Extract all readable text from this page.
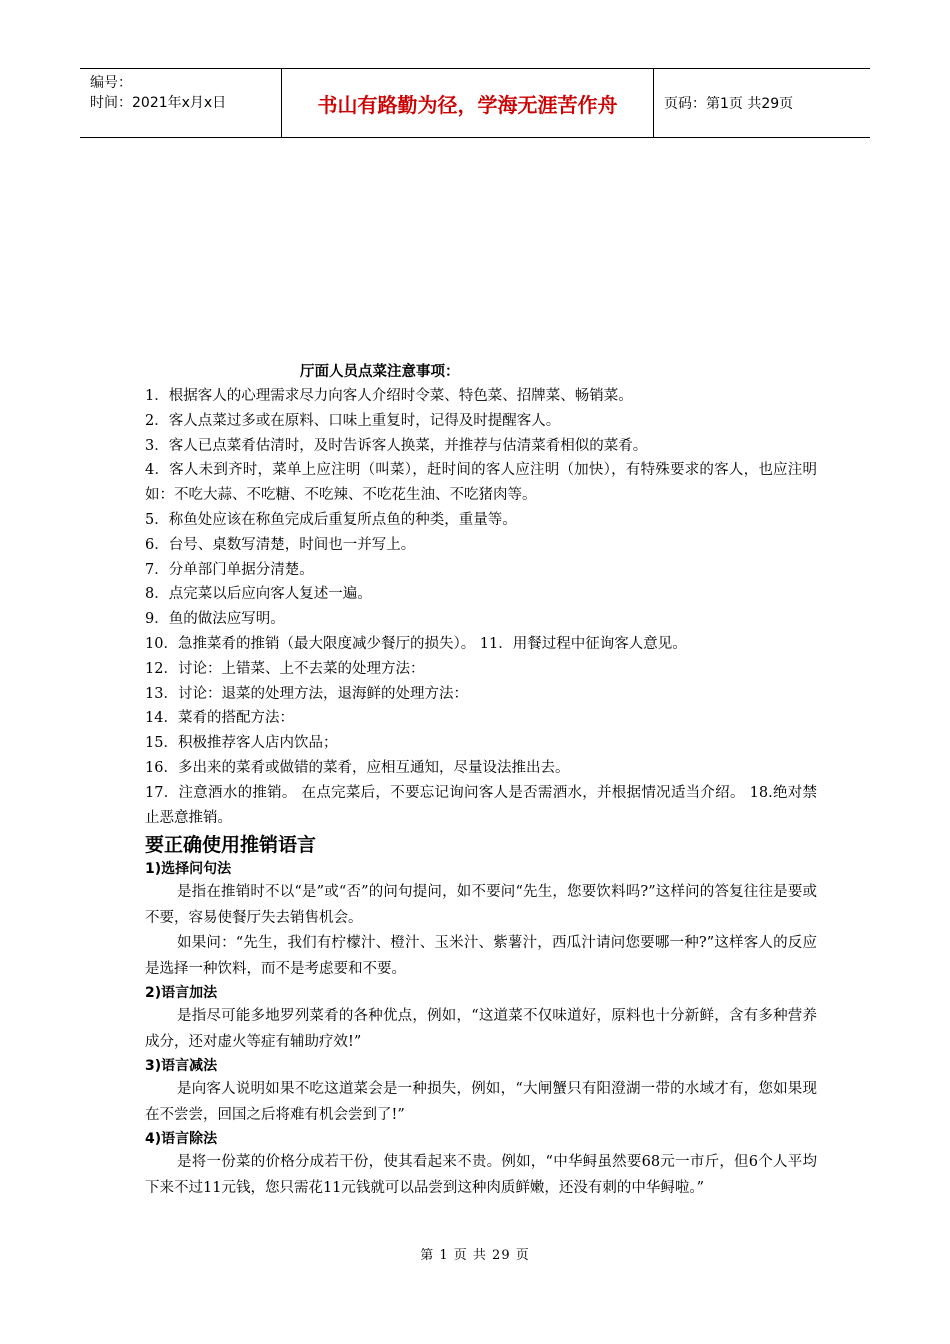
编号：
时间：2021年x月x日	书山有路勤为径，学海无涯苦作舟	页码：第1页 共29页
厅面人员点菜注意事项：
1．根据客人的心理需求尽力向客人介绍时令菜、特色菜、招牌菜、畅销菜。
2．客人点菜过多或在原料、口味上重复时，记得及时提醒客人。
3．客人已点菜肴估清时，及时告诉客人换菜，并推荐与估清菜肴相似的菜肴。
4．客人未到齐时，菜单上应注明（叫菜），赶时间的客人应注明（加快），有特殊要求的客人，也应注明如：不吃大蒜、不吃糖、不吃辣、不吃花生油、不吃猪肉等。
5．称鱼处应该在称鱼完成后重复所点鱼的种类，重量等。
6．台号、桌数写清楚，时间也一并写上。
7．分单部门单据分清楚。
8．点完菜以后应向客人复述一遍。
9．鱼的做法应写明。
10．急推菜肴的推销（最大限度减少餐厅的损失）。 11．用餐过程中征询客人意见。
12．讨论：上错菜、上不去菜的处理方法：
13．讨论：退菜的处理方法，退海鲜的处理方法：
14．菜肴的搭配方法：
15．积极推荐客人店内饮品；
16．多出来的菜肴或做错的菜肴，应相互通知，尽量设法推出去。
17．注意酒水的推销。 在点完菜后，不要忘记询问客人是否需酒水，并根据情况适当介绍。 18.绝对禁止恶意推销。
要正确使用推销语言
1)选择问句法
是指在推销时不以“是”或“否”的问句提问，如不要问“先生，您要饮料吗?”这样问的答复往往是要或不要，容易使餐厅失去销售机会。
如果问：“先生，我们有柠檬汁、橙汁、玉米汁、紫薯汁，西瓜汁请问您要哪一种?”这样客人的反应是选择一种饮料，而不是考虑要和不要。
2)语言加法
是指尽可能多地罗列菜肴的各种优点，例如，“这道菜不仅味道好，原料也十分新鲜，含有多种营养成分，还对虚火等症有辅助疗效!”
3)语言减法
是向客人说明如果不吃这道菜会是一种损失，例如，“大闸蟹只有阳澄湖一带的水域才有，您如果现在不尝尝，回国之后将难有机会尝到了!”
4)语言除法
是将一份菜的价格分成若干份，使其看起来不贵。例如，“中华鲟虽然要68元一市斤，但6个人平均下来不过11元钱，您只需花11元钱就可以品尝到这种肉质鲜嫩，还没有刺的中华鲟啦。”
第 1 页 共 29 页
